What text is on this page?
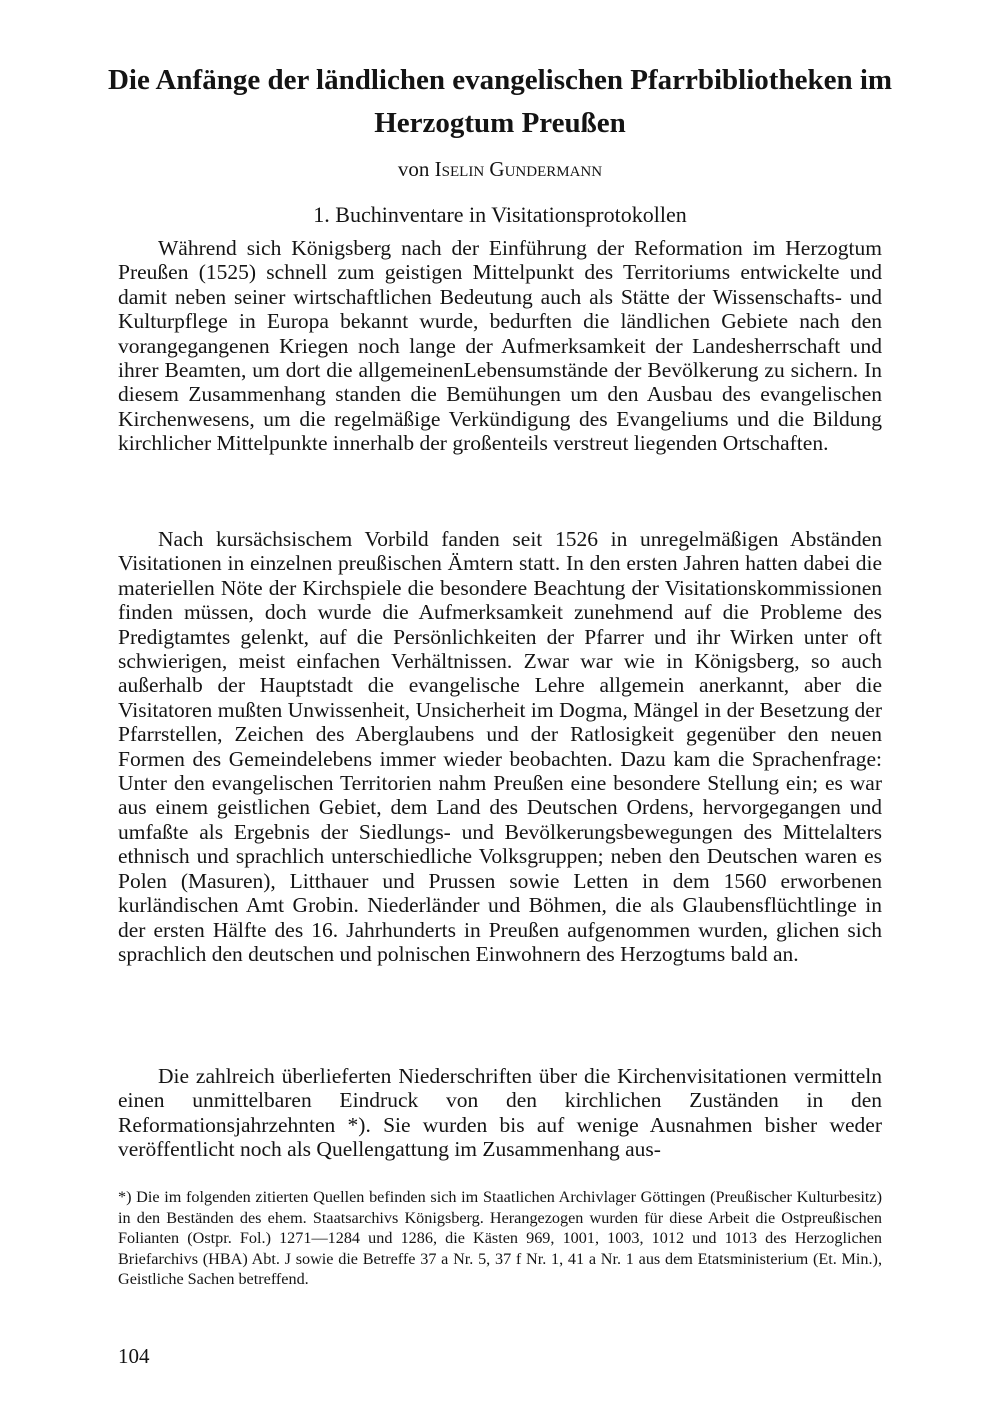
Die Anfänge der ländlichen evangelischen Pfarrbibliotheken im
Herzogtum Preußen
von Iselin Gundermann
1. Buchinventare in Visitationsprotokollen

Während sich Königsberg nach der Einführung der Reformation im Herzogtum Preußen (1525) schnell zum geistigen Mittelpunkt des Territoriums entwickelte und damit neben seiner wirtschaftlichen Bedeutung auch als Stätte der Wissenschafts- und Kulturpflege in Europa bekannt wurde, bedurften die ländlichen Gebiete nach den vorangegangenen Kriegen noch lange der Aufmerksamkeit der Landesherrschaft und ihrer Beamten, um dort die allgemeinenLebensumstände der Bevölkerung zu sichern. In diesem Zusammenhang standen die Bemühungen um den Ausbau des evangelischen Kirchenwesens, um die regelmäßige Verkündigung des Evangeliums und die Bildung kirchlicher Mittelpunkte innerhalb der großenteils verstreut liegenden Ortschaften.

Nach kursächsischem Vorbild fanden seit 1526 in unregelmäßigen Abständen Visitationen in einzelnen preußischen Ämtern statt. In den ersten Jahren hatten dabei die materiellen Nöte der Kirchspiele die besondere Beachtung der Visitationskommissionen finden müssen, doch wurde die Aufmerksamkeit zunehmend auf die Probleme des Predigtamtes gelenkt, auf die Persönlichkeiten der Pfarrer und ihr Wirken unter oft schwierigen, meist einfachen Verhältnissen. Zwar war wie in Königsberg, so auch außerhalb der Hauptstadt die evangelische Lehre allgemein anerkannt, aber die Visitatoren mußten Unwissenheit, Unsicherheit im Dogma, Mängel in der Besetzung der Pfarrstellen, Zeichen des Aberglaubens und der Ratlosigkeit gegenüber den neuen Formen des Gemeindelebens immer wieder beobachten. Dazu kam die Sprachenfrage: Unter den evangelischen Territorien nahm Preußen eine besondere Stellung ein; es war aus einem geistlichen Gebiet, dem Land des Deutschen Ordens, hervorgegangen und umfaßte als Ergebnis der Siedlungs- und Bevölkerungsbewegungen des Mittelalters ethnisch und sprachlich unterschiedliche Volksgruppen; neben den Deutschen waren es Polen (Masuren), Litthauer und Prussen sowie Letten in dem 1560 erworbenen kurländischen Amt Grobin. Niederländer und Böhmen, die als Glaubensflüchtlinge in der ersten Hälfte des 16. Jahrhunderts in Preußen aufgenommen wurden, glichen sich sprachlich den deutschen und polnischen Einwohnern des Herzogtums bald an.

Die zahlreich überlieferten Niederschriften über die Kirchenvisitationen vermitteln einen unmittelbaren Eindruck von den kirchlichen Zuständen in den Reformationsjahrzehnten *). Sie wurden bis auf wenige Ausnahmen bisher weder veröffentlicht noch als Quellengattung im Zusammenhang aus-

*) Die im folgenden zitierten Quellen befinden sich im Staatlichen Archivlager Göttingen (Preußischer Kulturbesitz) in den Beständen des ehem. Staatsarchivs Königsberg. Herangezogen wurden für diese Arbeit die Ostpreußischen Folianten (Ostpr. Fol.) 1271—1284 und 1286, die Kästen 969, 1001, 1003, 1012 und 1013 des Herzoglichen Briefarchivs (HBA) Abt. J sowie die Betreffe 37 a Nr. 5, 37 f Nr. 1, 41 a Nr. 1 aus dem Etatsministerium (Et. Min.), Geistliche Sachen betreffend.

104
